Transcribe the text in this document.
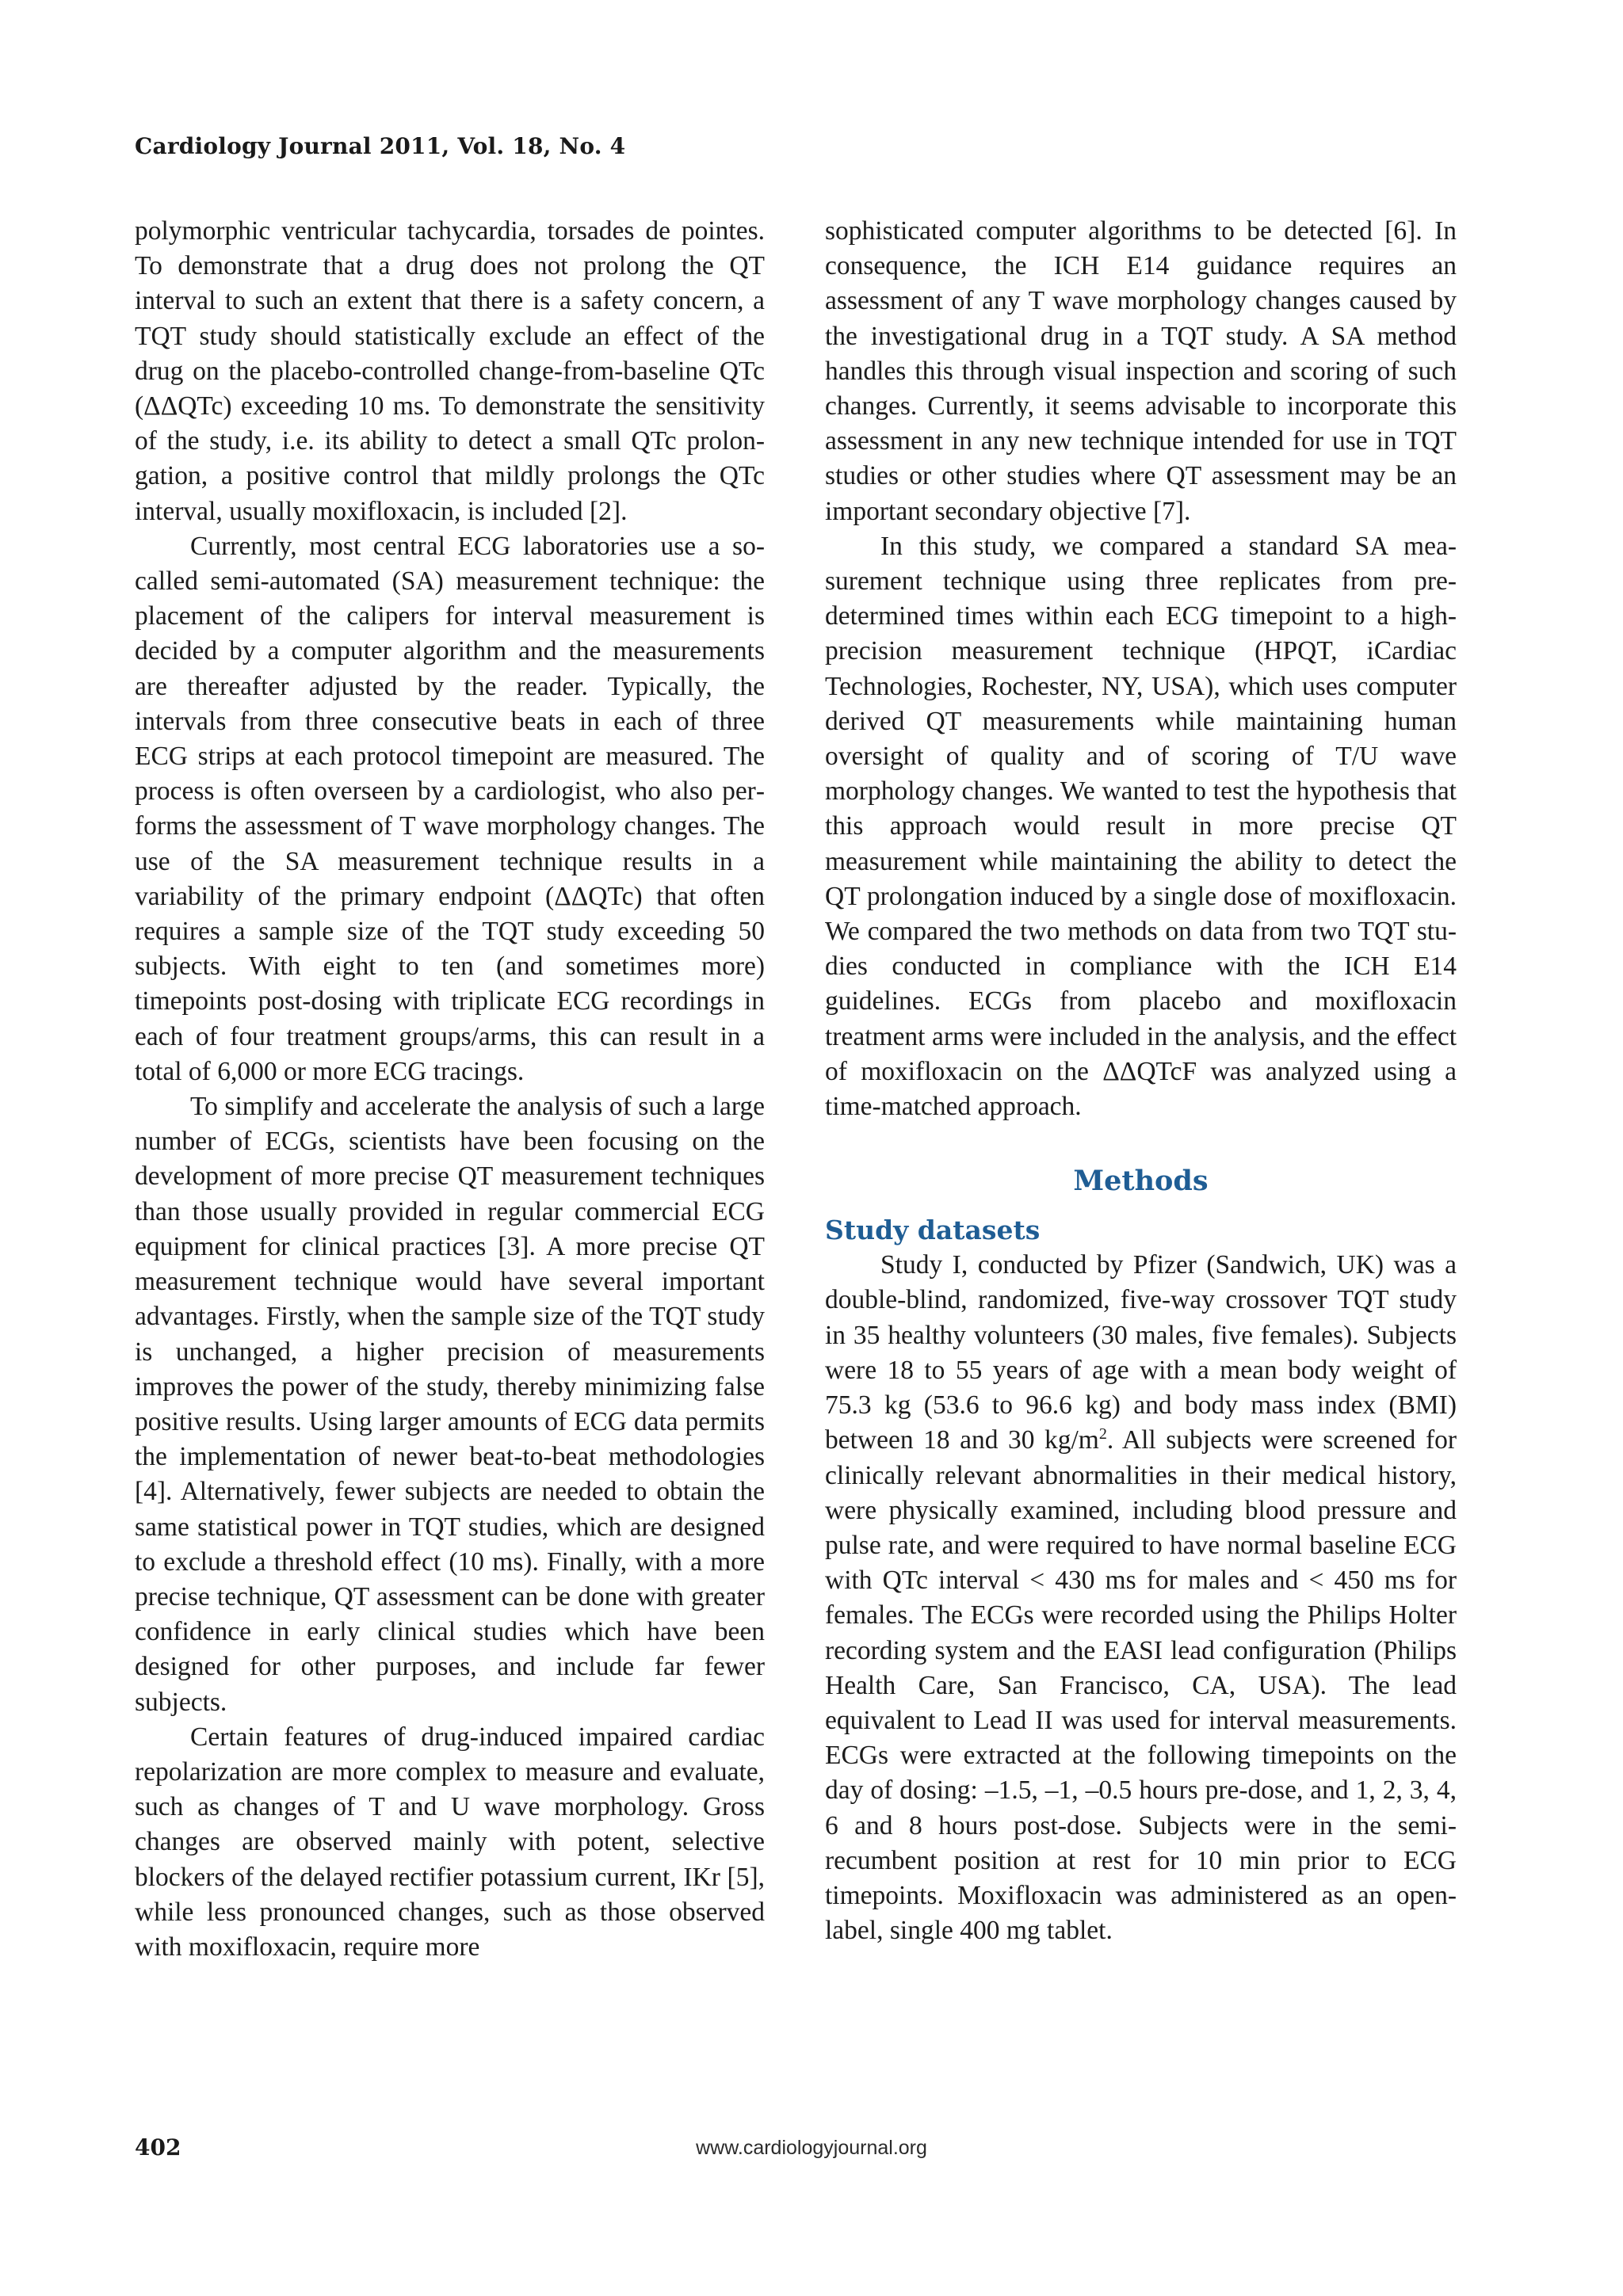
Cardiology Journal 2011, Vol. 18, No. 4

polymorphic ventricular tachycardia, torsades de pointes. To demonstrate that a drug does not prolong the QT interval to such an extent that there is a safety concern, a TQT study should statistically exclude an effect of the drug on the placebo-controlled change-from-baseline QTc (ΔΔQTc) exceeding 10 ms. To demonstrate the sensitivity of the study, i.e. its ability to detect a small QTc prolongation, a positive control that mildly prolongs the QTc interval, usually moxifloxacin, is included [2].

Currently, most central ECG laboratories use a so-called semi-automated (SA) measurement technique: the placement of the calipers for interval measurement is decided by a computer algorithm and the measurements are thereafter adjusted by the reader. Typically, the intervals from three consecutive beats in each of three ECG strips at each protocol timepoint are measured. The process is often overseen by a cardiologist, who also performs the assessment of T wave morphology changes. The use of the SA measurement technique results in a variability of the primary endpoint (ΔΔQTc) that often requires a sample size of the TQT study exceeding 50 subjects. With eight to ten (and sometimes more) timepoints post-dosing with triplicate ECG recordings in each of four treatment groups/arms, this can result in a total of 6,000 or more ECG tracings.

To simplify and accelerate the analysis of such a large number of ECGs, scientists have been focusing on the development of more precise QT measurement techniques than those usually provided in regular commercial ECG equipment for clinical practices [3]. A more precise QT measurement technique would have several important advantages. Firstly, when the sample size of the TQT study is unchanged, a higher precision of measurements improves the power of the study, thereby minimizing false positive results. Using larger amounts of ECG data permits the implementation of newer beat-to-beat methodologies [4]. Alternatively, fewer subjects are needed to obtain the same statistical power in TQT studies, which are designed to exclude a threshold effect (10 ms). Finally, with a more precise technique, QT assessment can be done with greater confidence in early clinical studies which have been designed for other purposes, and include far fewer subjects.

Certain features of drug-induced impaired cardiac repolarization are more complex to measure and evaluate, such as changes of T and U wave morphology. Gross changes are observed mainly with potent, selective blockers of the delayed rectifier potassium current, IKr [5], while less pronounced changes, such as those observed with moxifloxacin, require more

sophisticated computer algorithms to be detected [6]. In consequence, the ICH E14 guidance requires an assessment of any T wave morphology changes caused by the investigational drug in a TQT study. A SA method handles this through visual inspection and scoring of such changes. Currently, it seems advisable to incorporate this assessment in any new technique intended for use in TQT studies or other studies where QT assessment may be an important secondary objective [7].

In this study, we compared a standard SA measurement technique using three replicates from pre-determined times within each ECG timepoint to a high-precision measurement technique (HPQT, iCardiac Technologies, Rochester, NY, USA), which uses computer derived QT measurements while maintaining human oversight of quality and of scoring of T/U wave morphology changes. We wanted to test the hypothesis that this approach would result in more precise QT measurement while maintaining the ability to detect the QT prolongation induced by a single dose of moxifloxacin. We compared the two methods on data from two TQT studies conducted in compliance with the ICH E14 guidelines. ECGs from placebo and moxifloxacin treatment arms were included in the analysis, and the effect of moxifloxacin on the ΔΔQTcF was analyzed using a time-matched approach.

Methods
Study datasets

Study I, conducted by Pfizer (Sandwich, UK) was a double-blind, randomized, five-way crossover TQT study in 35 healthy volunteers (30 males, five females). Subjects were 18 to 55 years of age with a mean body weight of 75.3 kg (53.6 to 96.6 kg) and body mass index (BMI) between 18 and 30 $kg/m^2$. All subjects were screened for clinically relevant abnormalities in their medical history, were physically examined, including blood pressure and pulse rate, and were required to have normal baseline ECG with QTc interval < 430 ms for males and < 450 ms for females. The ECGs were recorded using the Philips Holter recording system and the EASI lead configuration (Philips Health Care, San Francisco, CA, USA). The lead equivalent to Lead II was used for interval measurements. ECGs were extracted at the following timepoints on the day of dosing: –1.5, –1, –0.5 hours pre-dose, and 1, 2, 3, 4, 6 and 8 hours post-dose. Subjects were in the semirecumbent position at rest for 10 min prior to ECG timepoints. Moxifloxacin was administered as an open-label, single 400 mg tablet.

402	www.cardiologyjournal.org
